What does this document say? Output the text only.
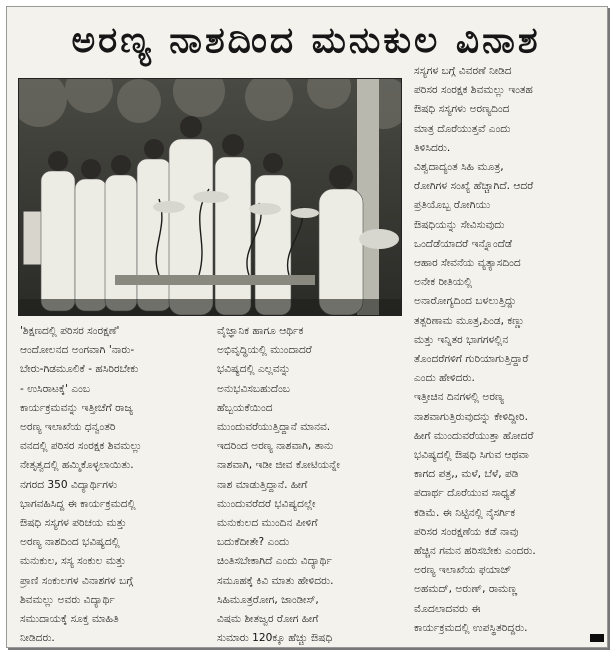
ಅರಣ್ಯ ನಾಶದಿಂದ ಮನುಕುಲ ವಿನಾಶ

'ಶಿಕ್ಷಣದಲ್ಲಿ ಪರಿಸರ ಸಂರಕ್ಷಣೆ'

ಆಂದೋಲನದ ಅಂಗವಾಗಿ 'ನಾರು-

ಬೇರು-ಗಿಡಮೂಲಿಕೆ - ಹಸಿರಿರಬೇಕು

- ಉಸಿರಾಟಕ್ಕೆ' ಎಂಬ

ಕಾರ್ಯಕ್ರಮವನ್ನು ಇತ್ತೀಚೆಗೆ ರಾಜ್ಯ

ಅರಣ್ಯ ಇಲಾಖೆಯ ಧನ್ವಂತರಿ

ವನದಲ್ಲಿ ಪರಿಸರ ಸಂರಕ್ಷಕ ಶಿವಮಲ್ಲು

ನೇತೃತ್ವದಲ್ಲಿ ಹಮ್ಮಿಕೊಳ್ಳಲಾಯಿತು.

ನಗರದ 350 ವಿದ್ಯಾರ್ಥಿಗಳು

ಭಾಗವಹಿಸಿದ್ದ ಈ ಕಾರ್ಯಕ್ರಮದಲ್ಲಿ

ಔಷಧಿ ಸಸ್ಯಗಳ ಪರಿಚಯ ಮತ್ತು

ಅರಣ್ಯ ನಾಶದಿಂದ ಭವಿಷ್ಯದಲ್ಲಿ

ಮನುಕುಲ, ಸಸ್ಯ ಸಂಕುಲ ಮತ್ತು

ಪ್ರಾಣಿ ಸಂಕುಲಗಳ ವಿನಾಶಗಳ ಬಗ್ಗೆ

ಶಿವಮಲ್ಲು ಅವರು ವಿದ್ಯಾರ್ಥಿ

ಸಮುದಾಯಕ್ಕೆ ಸೂಕ್ತ ಮಾಹಿತಿ

ನೀಡಿದರು.

ವೈಜ್ಞಾನಿಕ ಹಾಗೂ ಆರ್ಥಿಕ

ಅಭಿವೃದ್ಧಿಯಲ್ಲಿ ಮುಂದಾದರೆ

ಭವಿಷ್ಯದಲ್ಲಿ ಎಲ್ಲವನ್ನು

ಅನುಭವಿಸಬಹುದೆಂಬ

ಹೆಬ್ಬಯಕೆಯಿಂದ

ಮುಂದುವರೆಯುತ್ತಿದ್ದಾನೆ ಮಾನವ.

ಇದರಿಂದ ಅರಣ್ಯ ನಾಶವಾಗಿ, ತಾನು

ನಾಶವಾಗಿ, ಇಡೀ ಜೀವ ಕೋಟಿಯನ್ನೇ

ನಾಶ ಮಾಡುತ್ತಿದ್ದಾನೆ. ಹೀಗೆ

ಮುಂದುವರೆದರೆ ಭವಿಷ್ಯದಲ್ಲೇ

ಮನುಕುಲದ ಮುಂದಿನ ಪೀಳಿಗೆ

ಬದುಕೆದೀತೇ? ಎಂದು

ಚಿಂತಿಸಬೇಕಾಗಿದೆ ಎಂದು ವಿದ್ಯಾರ್ಥಿ

ಸಮೂಹಕ್ಕೆ ಕಿವಿ ಮಾತು ಹೇಳಿದರು.

ಸಿಹಿಮೂತ್ರರೋಗ, ಜಾಂಡೀಸ್,

ವಿಷಮ ಶೀತಜ್ವರ ರೋಗ ಹೀಗೆ

ಸುಮಾರು 120ಕ್ಕೂ ಹೆಚ್ಚು ಔಷಧಿ

ಸಸ್ಯಗಳ ಬಗ್ಗೆ ವಿವರಣೆ ನೀಡಿದ

ಪರಿಸರ ಸಂರಕ್ಷಕ ಶಿವಮಲ್ಲು ಇಂತಹ

ಔಷಧಿ ಸಸ್ಯಗಳು ಅರಣ್ಯದಿಂದ

ಮಾತ್ರ ದೊರೆಯುತ್ತವೆ ಎಂದು

ತಿಳಿಸಿದರು.

ವಿಶ್ವದಾದ್ಯಂತ ಸಿಹಿ ಮೂತ್ರ,

ರೋಗಿಗಳ ಸಂಖ್ಯೆ ಹೆಚ್ಚಾಗಿದೆ. ಆದರೆ

ಪ್ರತಿಯೊಬ್ಬ ರೋಗಿಯು

ಔಷಧಿಯನ್ನು ಸೇವಿಸುವುದು

ಒಂದೆಡೆಯಾದರೆ ಇನ್ನೊಂದೆಡೆ

ಆಹಾರ ಸೇವನೆಯ ವ್ಯತ್ಯಾಸದಿಂದ

ಅನೇಕ ರೀತಿಯಲ್ಲಿ

ಅನಾರೋಗ್ಯದಿಂದ ಬಳಲುತ್ತಿದ್ದು

ತತ್ಪರಿಣಾಮ ಮೂತ್ರ,ಪಿಂಡ, ಕಣ್ಣು

ಮತ್ತು ಇನ್ನಿತರ ಭಾಗಗಳಲ್ಲಿನ

ತೊಂದರೆಗಳಿಗೆ ಗುರಿಯಾಗುತ್ತಿದ್ದಾರೆ

ಎಂದು ಹೇಳಿದರು.

ಇತ್ತೀಚಿನ ದಿನಗಳಲ್ಲಿ ಅರಣ್ಯ

ನಾಶವಾಗುತ್ತಿರುವುದನ್ನು ಕೇಳಿದ್ದೀರಿ.

ಹೀಗೆ ಮುಂದುವರೆಯುತ್ತಾ ಹೋದರೆ

ಭವಿಷ್ಯದಲ್ಲಿ ಔಷಧಿ ಸಿಗುವ ಆಥವಾ

ಕಾಗದ ಪತ್ರ,, ಮಳೆ, ಬೆಳೆ, ಪಡಿ

ಪದಾರ್ಥ ದೊರೆಯುವ ಸಾಧ್ಯತೆ

ಕಡಿಮೆ. ಈ ನಿಟ್ಟಿನಲ್ಲಿ ನೈಸರ್ಗಿಕ

ಪರಿಸರ ಸಂರಕ್ಷಣೆಯ ಕಡೆ ನಾವು

ಹೆಚ್ಚಿನ ಗಮನ ಹರಿಸಬೇಕು ಎಂದರು.

ಅರಣ್ಯ ಇಲಾಖೆಯ ಫಯಾಜ್

ಅಹಮದ್, ಅರುಣ್, ರಾಮಣ್ಣ

ಮೊದಲಾದವರು ಈ

ಕಾರ್ಯಕ್ರಮದಲ್ಲಿ ಉಪಸ್ಥಿತರಿದ್ದರು.
